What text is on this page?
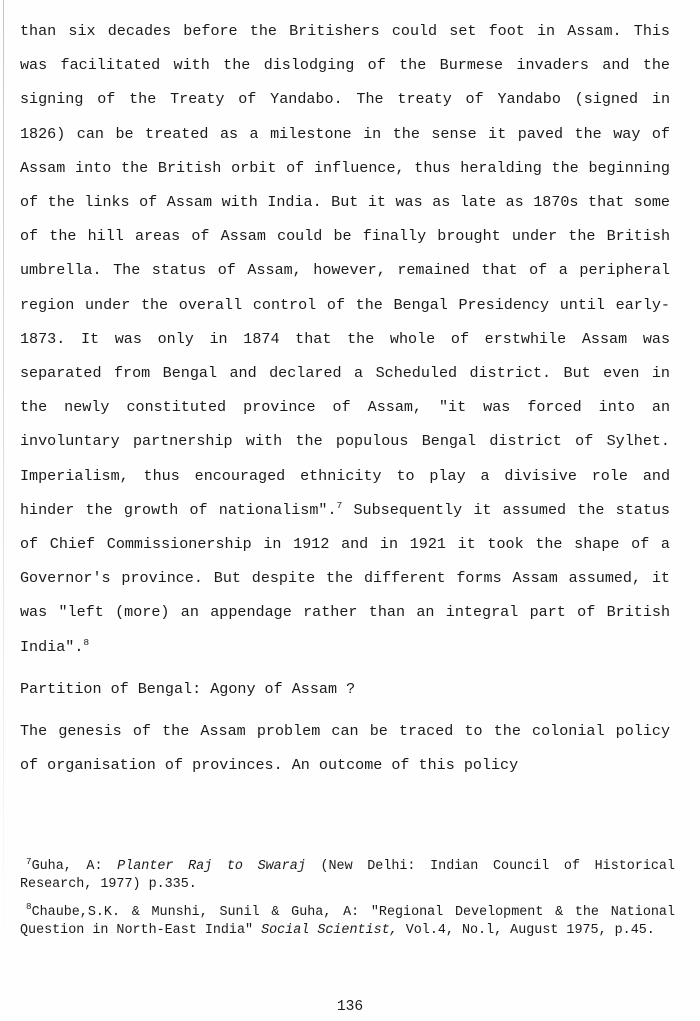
than six decades before the Britishers could set foot in Assam. This was facilitated with the dislodging of the Burmese invaders and the signing of the Treaty of Yandabo. The treaty of Yandabo (signed in 1826) can be treated as a milestone in the sense it paved the way of Assam into the British orbit of influence, thus heralding the beginning of the links of Assam with India. But it was as late as 1870s that some of the hill areas of Assam could be finally brought under the British umbrella. The status of Assam, however, remained that of a peripheral region under the overall control of the Bengal Presidency until early-1873. It was only in 1874 that the whole of erstwhile Assam was separated from Bengal and declared a Scheduled district. But even in the newly constituted province of Assam, "it was forced into an involuntary partnership with the populous Bengal district of Sylhet. Imperialism, thus encouraged ethnicity to play a divisive role and hinder the growth of nationalism".$^7$ Subsequently it assumed the status of Chief Commissionership in 1912 and in 1921 it took the shape of a Governor's province. But despite the different forms Assam assumed, it was "left (more) an appendage rather than an integral part of British India".$^8$

Partition of Bengal: Agony of Assam ?

The genesis of the Assam problem can be traced to the colonial policy of organisation of provinces. An outcome of this policy

$^7$Guha, A: Planter Raj to Swaraj (New Delhi: Indian Council of Historical Research, 1977) p.335.

$^8$Chaube,S.K. & Munshi, Sunil & Guha, A: "Regional Development & the National Question in North-East India" Social Scientist, Vol.4, No.l, August 1975, p.45.

136
